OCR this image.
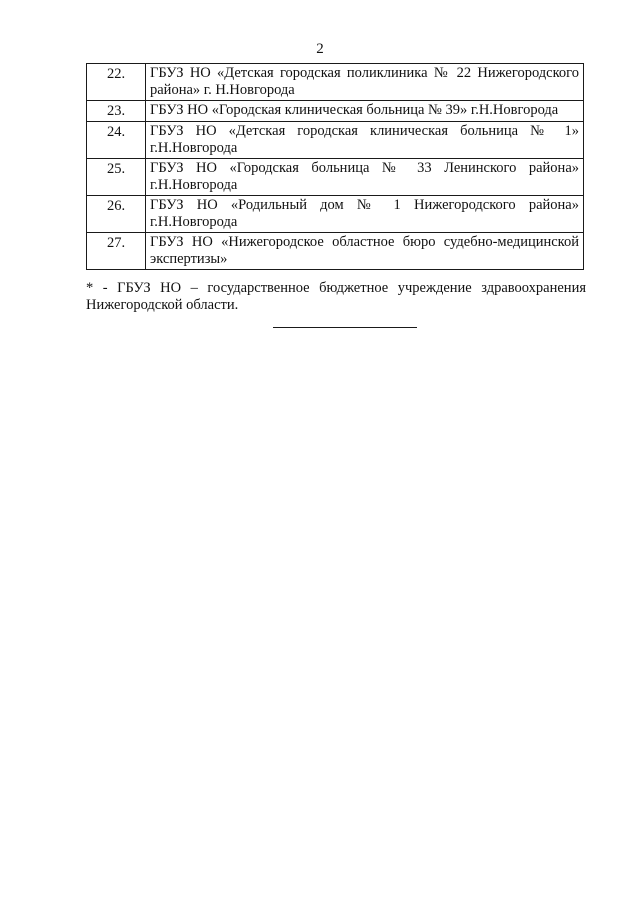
2
22.	ГБУЗ НО «Детская городская поликлиника № 22 Нижегородского района» г. Н.Новгорода
23.	ГБУЗ НО «Городская клиническая больница № 39» г.Н.Новгорода
24.	ГБУЗ НО «Детская городская клиническая больница № 1» г.Н.Новгорода
25.	ГБУЗ НО «Городская больница № 33 Ленинского района» г.Н.Новгорода
26.	ГБУЗ НО «Родильный дом № 1 Нижегородского района» г.Н.Новгорода
27.	ГБУЗ НО «Нижегородское областное бюро судебно-медицинской экспертизы»

* - ГБУЗ НО – государственное бюджетное учреждение здравоохранения Нижегородской области.
